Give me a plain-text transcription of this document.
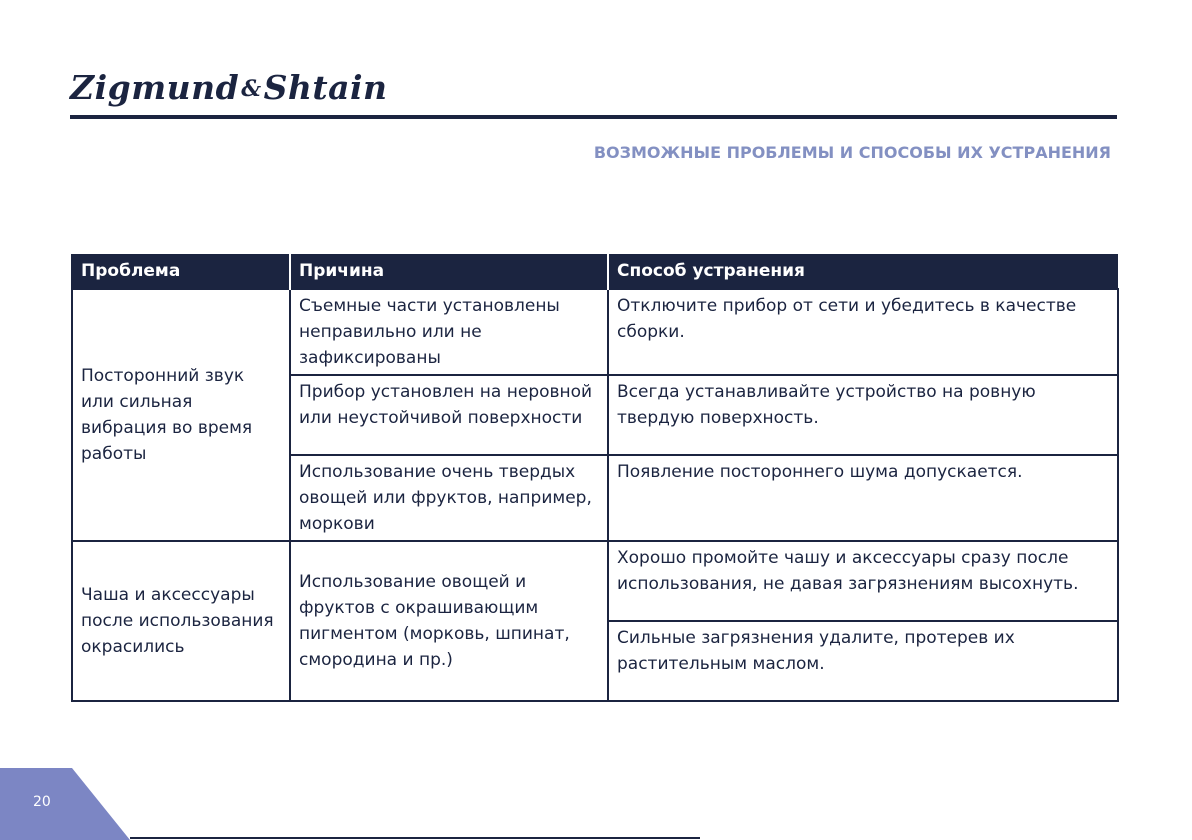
Zigmund&Shtain
ВОЗМОЖНЫЕ ПРОБЛЕМЫ И СПОСОБЫ ИХ УСТРАНЕНИЯ
Проблема	Причина	Способ устранения
Посторонний звук или сильная вибрация во время работы	Съемные части установлены неправильно или не зафиксированы	Отключите прибор от сети и убедитесь в качестве сборки.
	Прибор установлен на неровной или неустойчивой поверхности	Всегда устанавливайте устройство на ровную твердую поверхность.
	Использование очень твердых овощей или фруктов, например, моркови	Появление постороннего шума допускается.
Чаша и аксессуары после использования окрасились	Использование овощей и фруктов с окрашивающим пигментом (морковь, шпинат, смородина и пр.)	Хорошо промойте чашу и аксессуары сразу после использования, не давая загрязнениям высохнуть.
		Сильные загрязнения удалите, протерев их растительным маслом.
20
